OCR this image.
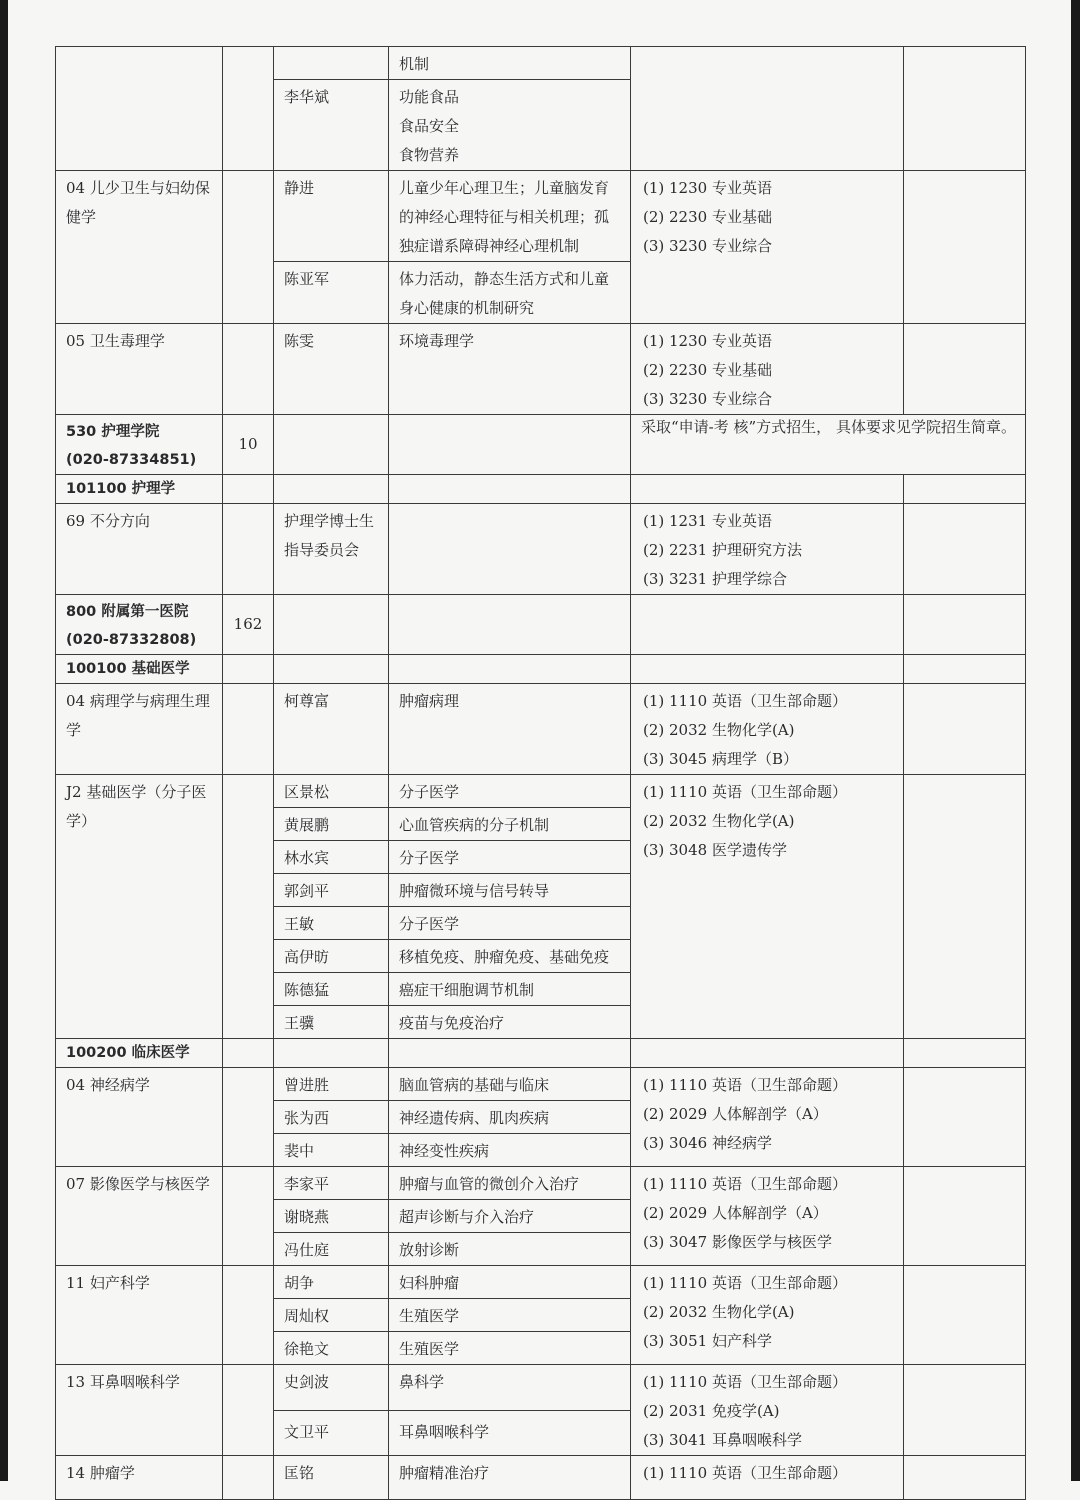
			机制		

		李华斌	功能食品
食品安全
食物营养		

04 儿少卫生与妇幼保健学		静进	儿童少年心理卫生；儿童脑发育的神经心理特征与相关机理；孤独症谱系障碍神经心理机制	(1) 1230 专业英语
(2) 2230 专业基础
(3) 3230 专业综合	

		陈亚军	体力活动，静态生活方式和儿童身心健康的机制研究		

05 卫生毒理学		陈雯	环境毒理学	(1) 1230 专业英语
(2) 2230 专业基础
(3) 3230 专业综合	

530 护理学院
(020-87334851)	10			采取“申请-考 核”方式招生， 具体要求见学院招生简章。	

101100 护理学					

69 不分方向		护理学博士生指导委员会		(1) 1231 专业英语
(2) 2231 护理研究方法
(3) 3231 护理学综合	

800 附属第一医院
(020-87332808)	162				

100100 基础医学					

04 病理学与病理生理学		柯尊富	肿瘤病理	(1) 1110 英语（卫生部命题）
(2) 2032 生物化学(A)
(3) 3045 病理学（B）	

J2 基础医学（分子医学）		区景松	分子医学	(1) 1110 英语（卫生部命题）
(2) 2032 生物化学(A)
(3) 3048 医学遗传学	

		黄展鹏	心血管疾病的分子机制		

		林水宾	分子医学		

		郭剑平	肿瘤微环境与信号转导		

		王敏	分子医学		

		高伊昉	移植免疫、肿瘤免疫、基础免疫		

		陈德猛	癌症干细胞调节机制		

		王骥	疫苗与免疫治疗		

100200 临床医学					

04 神经病学		曾进胜	脑血管病的基础与临床	(1) 1110 英语（卫生部命题）
(2) 2029 人体解剖学（A）
(3) 3046 神经病学	

		张为西	神经遗传病、肌肉疾病		

		裴中	神经变性疾病		

07 影像医学与核医学		李家平	肿瘤与血管的微创介入治疗	(1) 1110 英语（卫生部命题）
(2) 2029 人体解剖学（A）
(3) 3047 影像医学与核医学	

		谢晓燕	超声诊断与介入治疗		

		冯仕庭	放射诊断		

11 妇产科学		胡争	妇科肿瘤	(1) 1110 英语（卫生部命题）
(2) 2032 生物化学(A)
(3) 3051 妇产科学	

		周灿权	生殖医学		

		徐艳文	生殖医学		

13 耳鼻咽喉科学		史剑波	鼻科学	(1) 1110 英语（卫生部命题）
(2) 2031 免疫学(A)
(3) 3041 耳鼻咽喉科学	

		文卫平	耳鼻咽喉科学		

14 肿瘤学		匡铭	肿瘤精准治疗	(1) 1110 英语（卫生部命题）	
